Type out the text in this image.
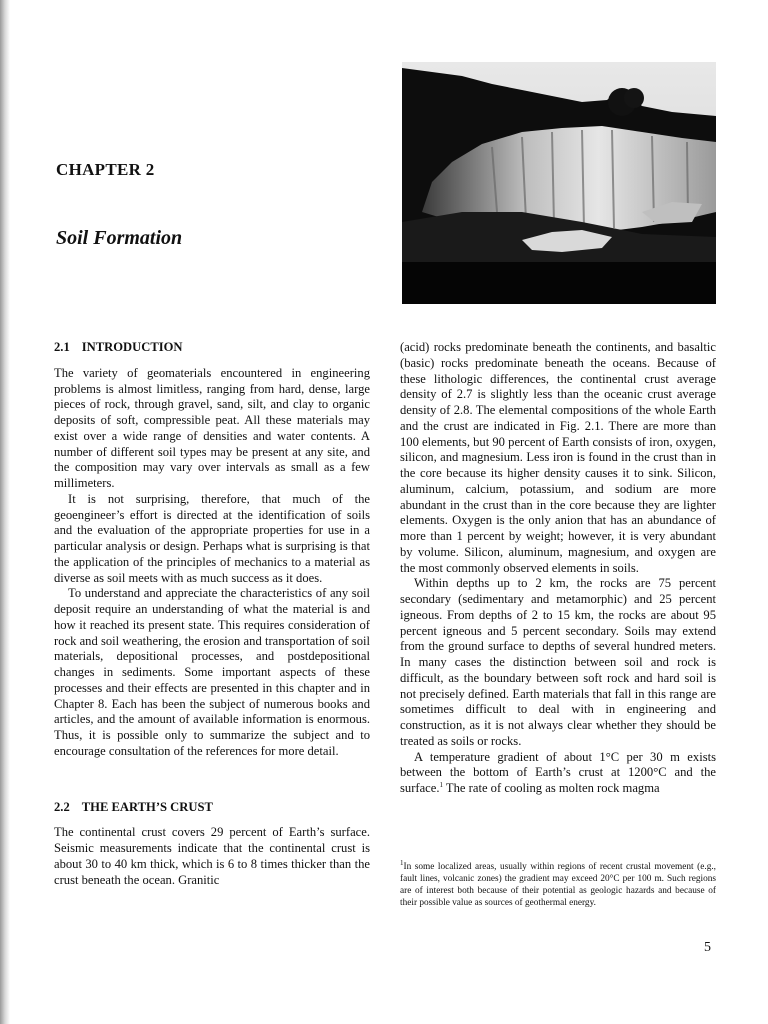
CHAPTER 2
Soil Formation
2.1 INTRODUCTION

The variety of geomaterials encountered in engineering problems is almost limitless, ranging from hard, dense, large pieces of rock, through gravel, sand, silt, and clay to organic deposits of soft, compressible peat. All these materials may exist over a wide range of densities and water contents. A number of different soil types may be present at any site, and the composition may vary over intervals as small as a few millimeters.

It is not surprising, therefore, that much of the geoengineer’s effort is directed at the identification of soils and the evaluation of the appropriate properties for use in a particular analysis or design. Perhaps what is surprising is that the application of the principles of mechanics to a material as diverse as soil meets with as much success as it does.

To understand and appreciate the characteristics of any soil deposit require an understanding of what the material is and how it reached its present state. This requires consideration of rock and soil weathering, the erosion and transportation of soil materials, depositional processes, and postdepositional changes in sediments. Some important aspects of these processes and their effects are presented in this chapter and in Chapter 8. Each has been the subject of numerous books and articles, and the amount of available information is enormous. Thus, it is possible only to summarize the subject and to encourage consultation of the references for more detail.

2.2 THE EARTH’S CRUST

The continental crust covers 29 percent of Earth’s surface. Seismic measurements indicate that the continental crust is about 30 to 40 km thick, which is 6 to 8 times thicker than the crust beneath the ocean. Granitic

(acid) rocks predominate beneath the continents, and basaltic (basic) rocks predominate beneath the oceans. Because of these lithologic differences, the continental crust average density of 2.7 is slightly less than the oceanic crust average density of 2.8. The elemental compositions of the whole Earth and the crust are indicated in Fig. 2.1. There are more than 100 elements, but 90 percent of Earth consists of iron, oxygen, silicon, and magnesium. Less iron is found in the crust than in the core because its higher density causes it to sink. Silicon, aluminum, calcium, potassium, and sodium are more abundant in the crust than in the core because they are lighter elements. Oxygen is the only anion that has an abundance of more than 1 percent by weight; however, it is very abundant by volume. Silicon, aluminum, magnesium, and oxygen are the most commonly observed elements in soils.

Within depths up to 2 km, the rocks are 75 percent secondary (sedimentary and metamorphic) and 25 percent igneous. From depths of 2 to 15 km, the rocks are about 95 percent igneous and 5 percent secondary. Soils may extend from the ground surface to depths of several hundred meters. In many cases the distinction between soil and rock is difficult, as the boundary between soft rock and hard soil is not precisely defined. Earth materials that fall in this range are sometimes difficult to deal with in engineering and construction, as it is not always clear whether they should be treated as soils or rocks.

A temperature gradient of about 1°C per 30 m exists between the bottom of Earth’s crust at 1200°C and the surface.$^1$ The rate of cooling as molten rock magma

$^1$In some localized areas, usually within regions of recent crustal movement (e.g., fault lines, volcanic zones) the gradient may exceed 20°C per 100 m. Such regions are of interest both because of their potential as geologic hazards and because of their possible value as sources of geothermal energy.
5
